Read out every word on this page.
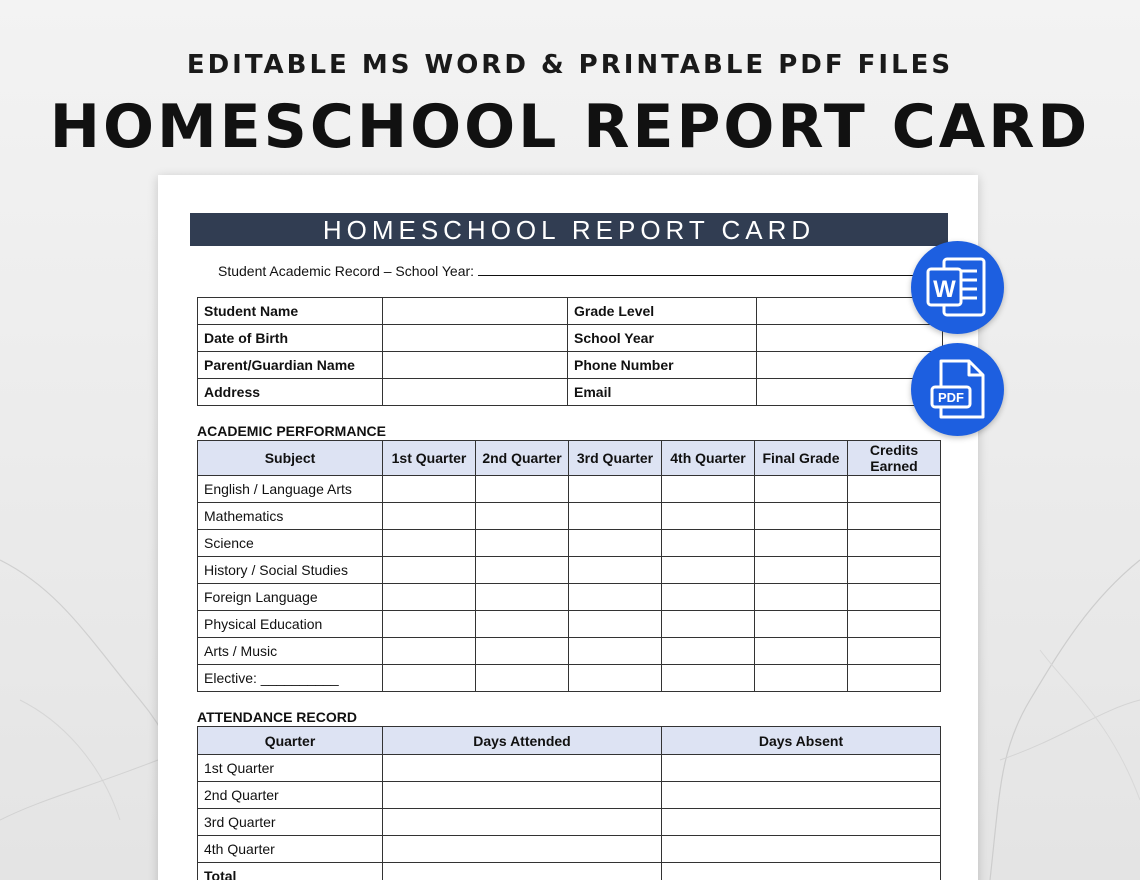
EDITABLE MS WORD & PRINTABLE PDF FILES
HOMESCHOOL REPORT CARD
HOMESCHOOL REPORT CARD
Student Academic Record – School Year:
Student Name		Grade Level	
Date of Birth		School Year	
Parent/Guardian Name		Phone Number	
Address		Email	
ACADEMIC PERFORMANCE
Subject	1st Quarter	2nd Quarter	3rd Quarter	4th Quarter	Final Grade	Credits Earned
English / Language Arts						
Mathematics						
Science						
History / Social Studies						
Foreign Language						
Physical Education						
Arts / Music						
Elective: __________						
ATTENDANCE RECORD
Quarter	Days Attended	Days Absent
1st Quarter		
2nd Quarter		
3rd Quarter		
4th Quarter		
Total		
W
PDF
